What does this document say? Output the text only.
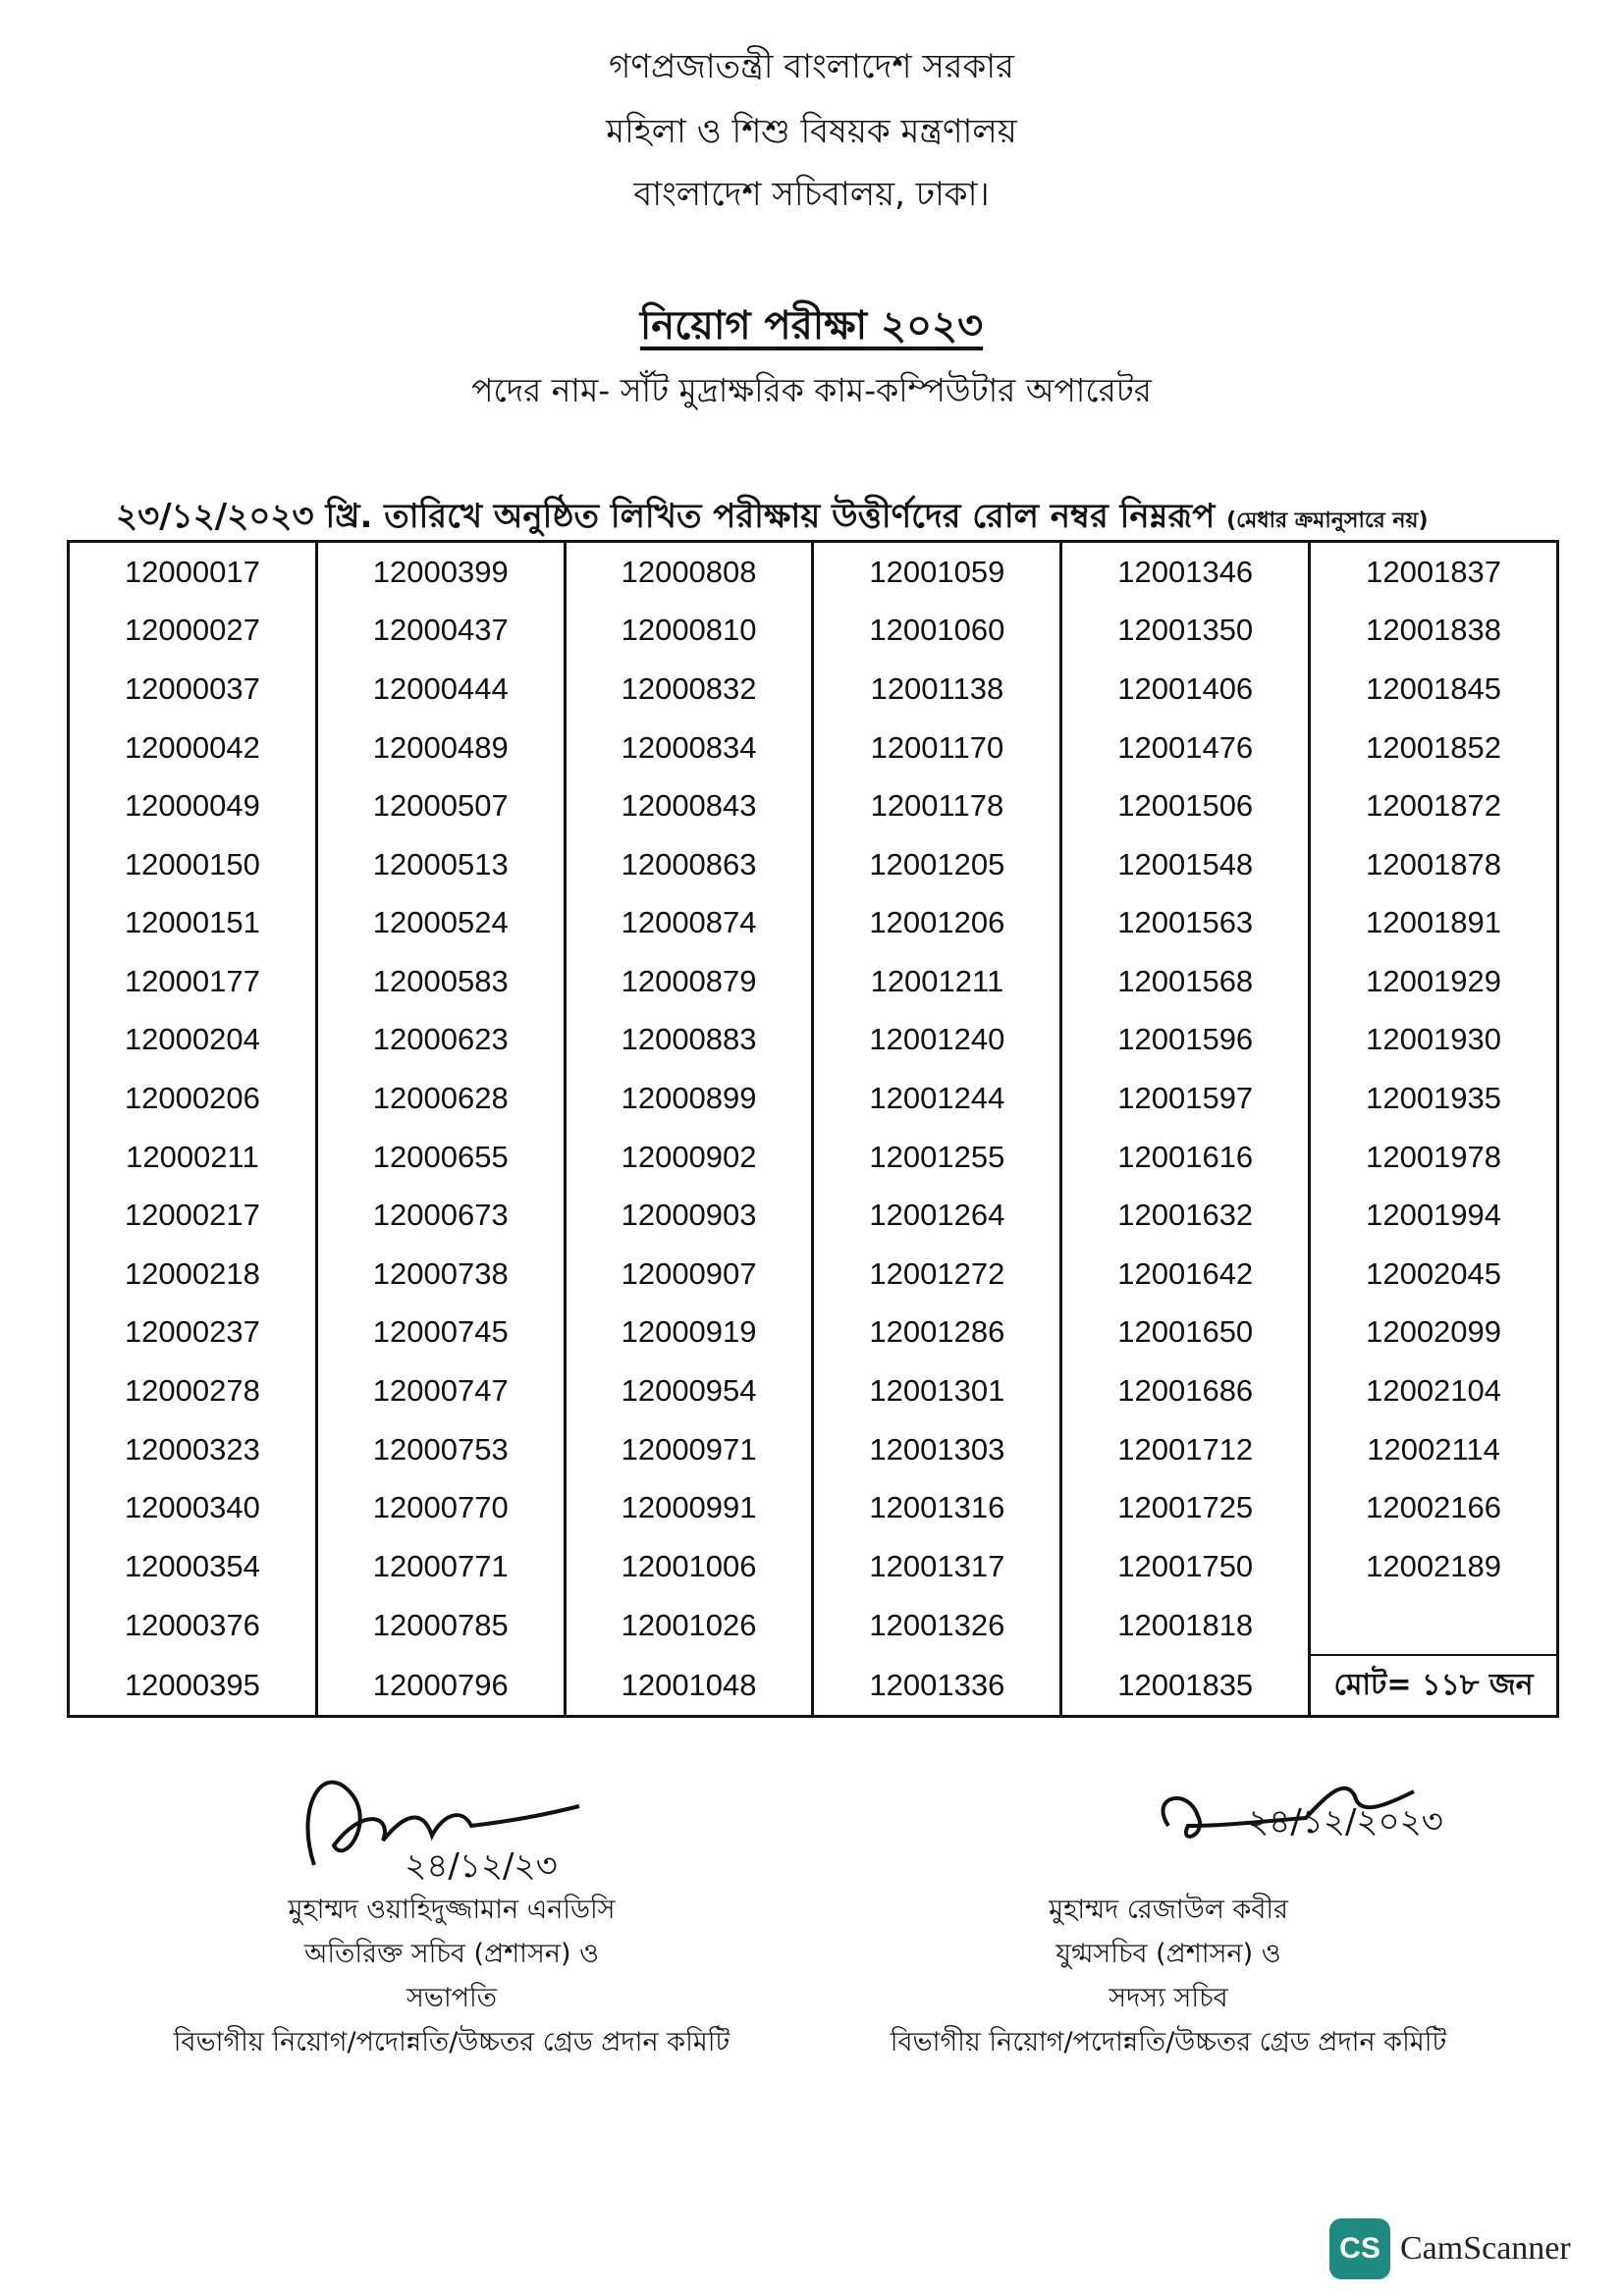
গণপ্রজাতন্ত্রী বাংলাদেশ সরকার
মহিলা ও শিশু বিষয়ক মন্ত্রণালয়
বাংলাদেশ সচিবালয়, ঢাকা।
নিয়োগ পরীক্ষা ২০২৩
পদের নাম- সাঁট মুদ্রাক্ষরিক কাম-কম্পিউটার অপারেটর
২৩/১২/২০২৩ খ্রি. তারিখে অনুষ্ঠিত লিখিত পরীক্ষায় উত্তীর্ণদের রোল নম্বর নিম্নরূপ (মেধার ক্রমানুসারে নয়)
12000017	12000399	12000808	12001059	12001346	12001837
12000027	12000437	12000810	12001060	12001350	12001838
12000037	12000444	12000832	12001138	12001406	12001845
12000042	12000489	12000834	12001170	12001476	12001852
12000049	12000507	12000843	12001178	12001506	12001872
12000150	12000513	12000863	12001205	12001548	12001878
12000151	12000524	12000874	12001206	12001563	12001891
12000177	12000583	12000879	12001211	12001568	12001929
12000204	12000623	12000883	12001240	12001596	12001930
12000206	12000628	12000899	12001244	12001597	12001935
12000211	12000655	12000902	12001255	12001616	12001978
12000217	12000673	12000903	12001264	12001632	12001994
12000218	12000738	12000907	12001272	12001642	12002045
12000237	12000745	12000919	12001286	12001650	12002099
12000278	12000747	12000954	12001301	12001686	12002104
12000323	12000753	12000971	12001303	12001712	12002114
12000340	12000770	12000991	12001316	12001725	12002166
12000354	12000771	12001006	12001317	12001750	12002189
12000376	12000785	12001026	12001326	12001818	
12000395	12000796	12001048	12001336	12001835	মোট= ১১৮ জন
২৪/১২/২৩
মুহাম্মদ ওয়াহিদুজ্জামান এনডিসি
অতিরিক্ত সচিব (প্রশাসন) ও
সভাপতি
বিভাগীয় নিয়োগ/পদোন্নতি/উচ্চতর গ্রেড প্রদান কমিটি
২৪/১২/২০২৩
মুহাম্মদ রেজাউল কবীর
যুগ্মসচিব (প্রশাসন) ও
সদস্য সচিব
বিভাগীয় নিয়োগ/পদোন্নতি/উচ্চতর গ্রেড প্রদান কমিটি
CS CamScanner
